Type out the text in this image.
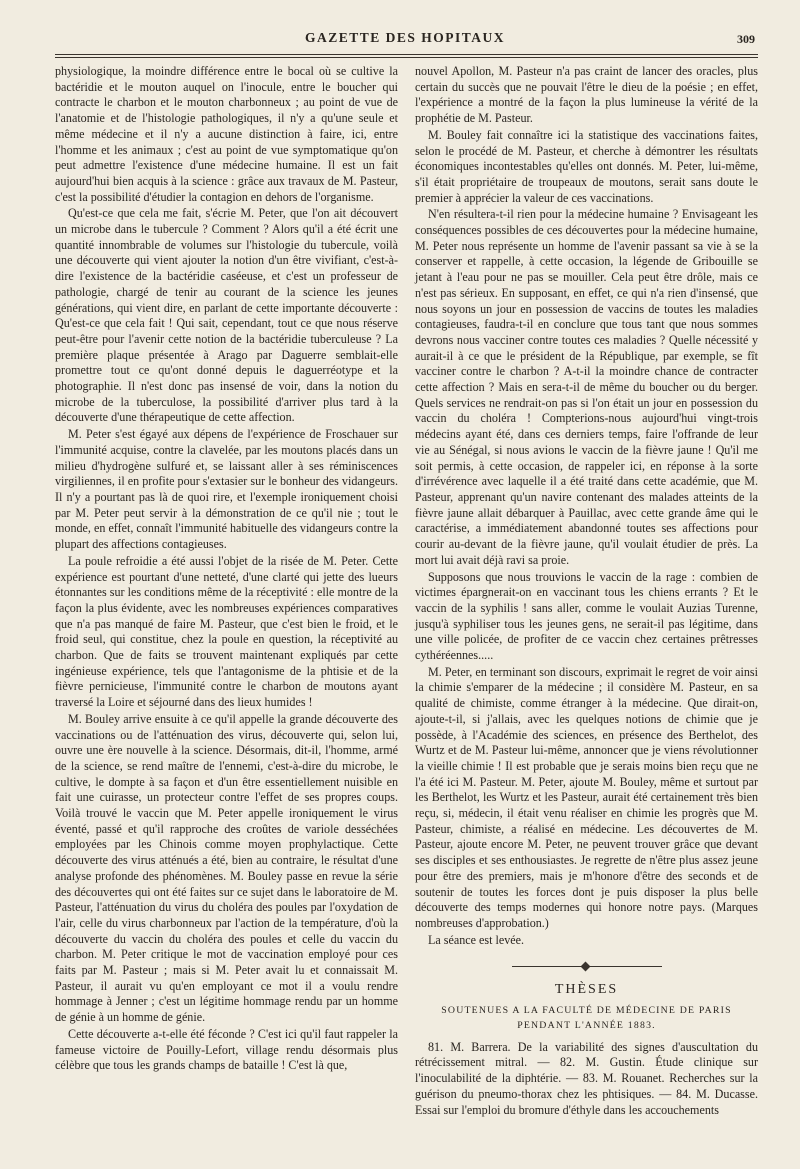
GAZETTE DES HOPITAUX	309

physiologique, la moindre différence entre le bocal où se cultive la bactéridie et le mouton auquel on l'inocule, entre le boucher qui contracte le charbon et le mouton charbonneux ; au point de vue de l'anatomie et de l'histologie pathologiques, il n'y a qu'une seule et même médecine et il n'y a aucune distinction à faire, ici, entre l'homme et les animaux ; c'est au point de vue symptomatique qu'on peut admettre l'existence d'une médecine humaine. Il est un fait aujourd'hui bien acquis à la science : grâce aux travaux de M. Pasteur, c'est la possibilité d'étudier la contagion en dehors de l'organisme.

Qu'est-ce que cela me fait, s'écrie M. Peter, que l'on ait découvert un microbe dans le tubercule ? Comment ? Alors qu'il a été écrit une quantité innombrable de volumes sur l'histologie du tubercule, voilà une découverte qui vient ajouter la notion d'un être vivifiant, c'est-à-dire l'existence de la bactéridie caséeuse, et c'est un professeur de pathologie, chargé de tenir au courant de la science les jeunes générations, qui vient dire, en parlant de cette importante découverte : Qu'est-ce que cela fait ! Qui sait, cependant, tout ce que nous réserve peut-être pour l'avenir cette notion de la bactéridie tuberculeuse ? La première plaque présentée à Arago par Daguerre semblait-elle promettre tout ce qu'ont donné depuis le daguerréotype et la photographie. Il n'est donc pas insensé de voir, dans la notion du microbe de la tuberculose, la possibilité d'arriver plus tard à la découverte d'une thérapeutique de cette affection.

M. Peter s'est égayé aux dépens de l'expérience de Froschauer sur l'immunité acquise, contre la clavelée, par les moutons placés dans un milieu d'hydrogène sulfuré et, se laissant aller à ses réminiscences virgiliennes, il en profite pour s'extasier sur le bonheur des vidangeurs. Il n'y a pourtant pas là de quoi rire, et l'exemple ironiquement choisi par M. Peter peut servir à la démonstration de ce qu'il nie ; tout le monde, en effet, connaît l'immunité habituelle des vidangeurs contre la plupart des affections contagieuses.

La poule refroidie a été aussi l'objet de la risée de M. Peter. Cette expérience est pourtant d'une netteté, d'une clarté qui jette des lueurs étonnantes sur les conditions même de la réceptivité : elle montre de la façon la plus évidente, avec les nombreuses expériences comparatives que n'a pas manqué de faire M. Pasteur, que c'est bien le froid, et le froid seul, qui constitue, chez la poule en question, la réceptivité au charbon. Que de faits se trouvent maintenant expliqués par cette ingénieuse expérience, tels que l'antagonisme de la phtisie et de la fièvre pernicieuse, l'immunité contre le charbon de moutons ayant traversé la Loire et séjourné dans des lieux humides !

M. Bouley arrive ensuite à ce qu'il appelle la grande découverte des vaccinations ou de l'atténuation des virus, découverte qui, selon lui, ouvre une ère nouvelle à la science. Désormais, dit-il, l'homme, armé de la science, se rend maître de l'ennemi, c'est-à-dire du microbe, le cultive, le dompte à sa façon et d'un être essentiellement nuisible en fait une cuirasse, un protecteur contre l'effet de ses propres coups. Voilà trouvé le vaccin que M. Peter appelle ironiquement le virus éventé, passé et qu'il rapproche des croûtes de variole desséchées employées par les Chinois comme moyen prophylactique. Cette découverte des virus atténués a été, bien au contraire, le résultat d'une analyse profonde des phénomènes. M. Bouley passe en revue la série des découvertes qui ont été faites sur ce sujet dans le laboratoire de M. Pasteur, l'atténuation du virus du choléra des poules par l'oxydation de l'air, celle du virus charbonneux par l'action de la température, d'où la découverte du vaccin du choléra des poules et celle du vaccin du charbon. M. Peter critique le mot de vaccination employé pour ces faits par M. Pasteur ; mais si M. Peter avait lu et connaissait M. Pasteur, il aurait vu qu'en employant ce mot il a voulu rendre hommage à Jenner ; c'est un légitime hommage rendu par un homme de génie à un homme de génie.

Cette découverte a-t-elle été féconde ? C'est ici qu'il faut rappeler la fameuse victoire de Pouilly-Lefort, village rendu désormais plus célèbre que tous les grands champs de bataille ! C'est là que,

nouvel Apollon, M. Pasteur n'a pas craint de lancer des oracles, plus certain du succès que ne pouvait l'être le dieu de la poésie ; en effet, l'expérience a montré de la façon la plus lumineuse la vérité de la prophétie de M. Pasteur.

M. Bouley fait connaître ici la statistique des vaccinations faites, selon le procédé de M. Pasteur, et cherche à démontrer les résultats économiques incontestables qu'elles ont donnés. M. Peter, lui-même, s'il était propriétaire de troupeaux de moutons, serait sans doute le premier à apprécier la valeur de ces vaccinations.

N'en résultera-t-il rien pour la médecine humaine ? Envisageant les conséquences possibles de ces découvertes pour la médecine humaine, M. Peter nous représente un homme de l'avenir passant sa vie à se la conserver et rappelle, à cette occasion, la légende de Gribouille se jetant à l'eau pour ne pas se mouiller. Cela peut être drôle, mais ce n'est pas sérieux. En supposant, en effet, ce qui n'a rien d'insensé, que nous soyons un jour en possession de vaccins de toutes les maladies contagieuses, faudra-t-il en conclure que tous tant que nous sommes devrons nous vacciner contre toutes ces maladies ? Quelle nécessité y aurait-il à ce que le président de la République, par exemple, se fît vacciner contre le charbon ? A-t-il la moindre chance de contracter cette affection ? Mais en sera-t-il de même du boucher ou du berger. Quels services ne rendrait-on pas si l'on était un jour en possession du vaccin du choléra ! Compterions-nous aujourd'hui vingt-trois médecins ayant été, dans ces derniers temps, faire l'offrande de leur vie au Sénégal, si nous avions le vaccin de la fièvre jaune ! Qu'il me soit permis, à cette occasion, de rappeler ici, en réponse à la sorte d'irrévérence avec laquelle il a été traité dans cette académie, que M. Pasteur, apprenant qu'un navire contenant des malades atteints de la fièvre jaune allait débarquer à Pauillac, avec cette grande âme qui le caractérise, a immédiatement abandonné toutes ses affections pour courir au-devant de la fièvre jaune, qu'il voulait étudier de près. La mort lui avait déjà ravi sa proie.

Supposons que nous trouvions le vaccin de la rage : combien de victimes épargnerait-on en vaccinant tous les chiens errants ? Et le vaccin de la syphilis ! sans aller, comme le voulait Auzias Turenne, jusqu'à syphiliser tous les jeunes gens, ne serait-il pas légitime, dans une ville policée, de profiter de ce vaccin chez certaines prêtresses cythéréennes.....

M. Peter, en terminant son discours, exprimait le regret de voir ainsi la chimie s'emparer de la médecine ; il considère M. Pasteur, en sa qualité de chimiste, comme étranger à la médecine. Que dirait-on, ajoute-t-il, si j'allais, avec les quelques notions de chimie que je possède, à l'Académie des sciences, en présence des Berthelot, des Wurtz et de M. Pasteur lui-même, annoncer que je viens révolutionner la vieille chimie ! Il est probable que je serais moins bien reçu que ne l'a été ici M. Pasteur. M. Peter, ajoute M. Bouley, même et surtout par les Berthelot, les Wurtz et les Pasteur, aurait été certainement très bien reçu, si, médecin, il était venu réaliser en chimie les progrès que M. Pasteur, chimiste, a réalisé en médecine. Les découvertes de M. Pasteur, ajoute encore M. Peter, ne peuvent trouver grâce que devant ses disciples et ses enthousiastes. Je regrette de n'être plus assez jeune pour être des premiers, mais je m'honore d'être des seconds et de soutenir de toutes les forces dont je puis disposer la plus belle découverte des temps modernes qui honore notre pays. (Marques nombreuses d'approbation.)

La séance est levée.

THÈSES
SOUTENUES A LA FACULTÉ DE MÉDECINE DE PARIS
PENDANT L'ANNÉE 1883.

81. M. Barrera. De la variabilité des signes d'auscultation du rétrécissement mitral. — 82. M. Gustin. Étude clinique sur l'inoculabilité de la diphtérie. — 83. M. Rouanet. Recherches sur la guérison du pneumo-thorax chez les phtisiques. — 84. M. Ducasse. Essai sur l'emploi du bromure d'éthyle dans les accouchements
